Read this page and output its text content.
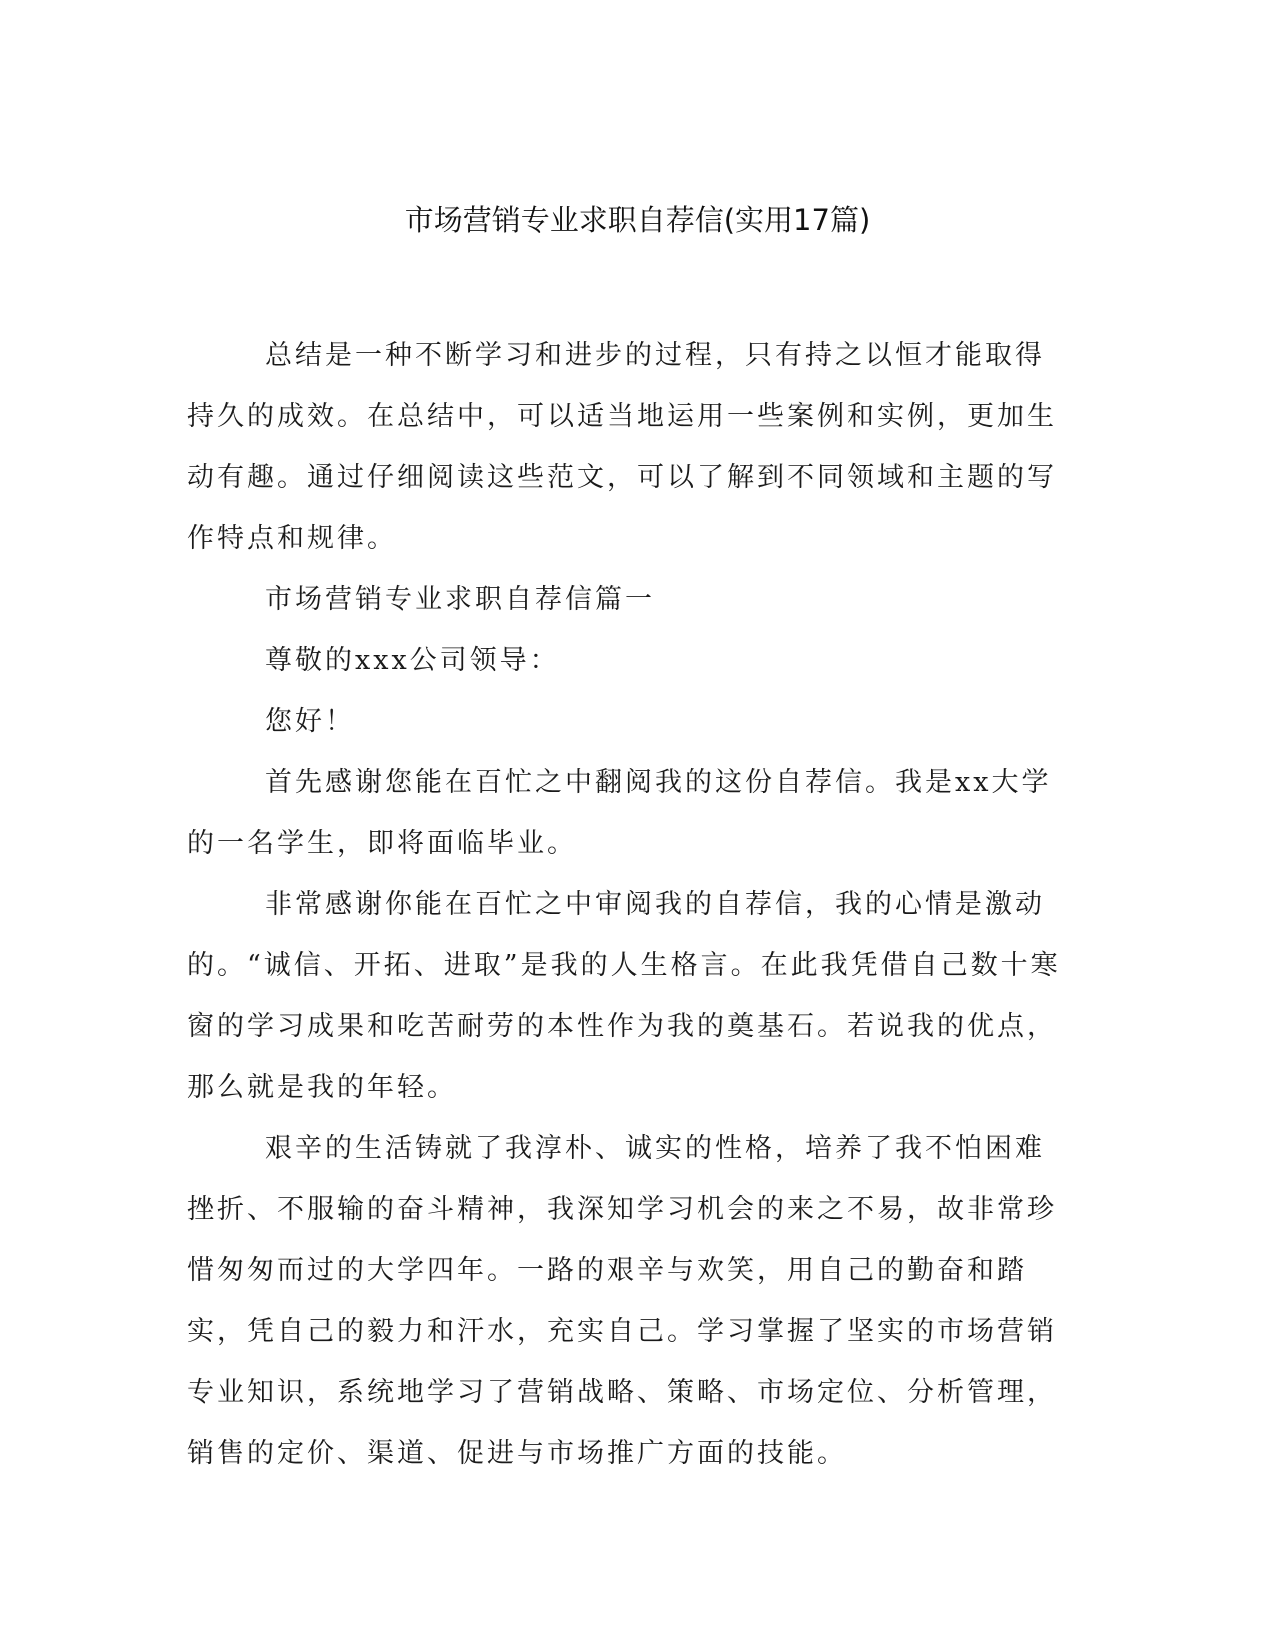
市场营销专业求职自荐信(实用17篇)

总结是一种不断学习和进步的过程，只有持之以恒才能取得持久的成效。在总结中，可以适当地运用一些案例和实例，更加生动有趣。通过仔细阅读这些范文，可以了解到不同领域和主题的写作特点和规律。

市场营销专业求职自荐信篇一

尊敬的xxx公司领导：

您好！

首先感谢您能在百忙之中翻阅我的这份自荐信。我是xx大学的一名学生，即将面临毕业。

非常感谢你能在百忙之中审阅我的自荐信，我的心情是激动的。“诚信、开拓、进取”是我的人生格言。在此我凭借自己数十寒窗的学习成果和吃苦耐劳的本性作为我的奠基石。若说我的优点，那么就是我的年轻。

艰辛的生活铸就了我淳朴、诚实的性格，培养了我不怕困难挫折、不服输的奋斗精神，我深知学习机会的来之不易，故非常珍惜匆匆而过的大学四年。一路的艰辛与欢笑，用自己的勤奋和踏实，凭自己的毅力和汗水，充实自己。学习掌握了坚实的市场营销专业知识，系统地学习了营销战略、策略、市场定位、分析管理，销售的定价、渠道、促进与市场推广方面的技能。
